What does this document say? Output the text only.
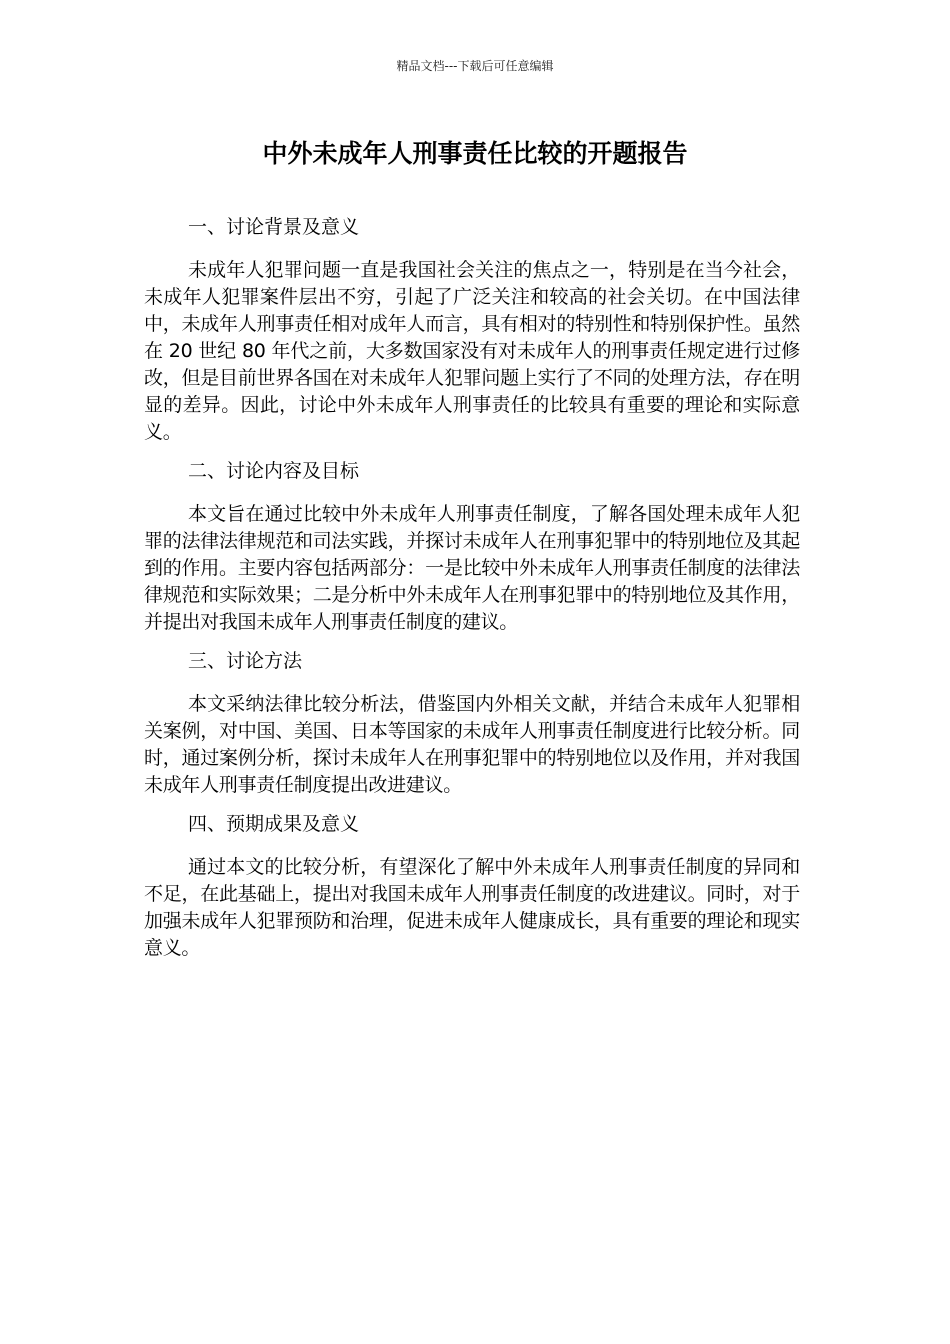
精品文档---下载后可任意编辑
中外未成年人刑事责任比较的开题报告
一、讨论背景及意义

未成年人犯罪问题一直是我国社会关注的焦点之一，特别是在当今社会，未成年人犯罪案件层出不穷，引起了广泛关注和较高的社会关切。在中国法律中，未成年人刑事责任相对成年人而言，具有相对的特别性和特别保护性。虽然在 20 世纪 80 年代之前，大多数国家没有对未成年人的刑事责任规定进行过修改，但是目前世界各国在对未成年人犯罪问题上实行了不同的处理方法，存在明显的差异。因此，讨论中外未成年人刑事责任的比较具有重要的理论和实际意义。

二、讨论内容及目标

本文旨在通过比较中外未成年人刑事责任制度，了解各国处理未成年人犯罪的法律法律规范和司法实践，并探讨未成年人在刑事犯罪中的特别地位及其起到的作用。主要内容包括两部分：一是比较中外未成年人刑事责任制度的法律法律规范和实际效果；二是分析中外未成年人在刑事犯罪中的特别地位及其作用，并提出对我国未成年人刑事责任制度的建议。

三、讨论方法

本文采纳法律比较分析法，借鉴国内外相关文献，并结合未成年人犯罪相关案例，对中国、美国、日本等国家的未成年人刑事责任制度进行比较分析。同时，通过案例分析，探讨未成年人在刑事犯罪中的特别地位以及作用，并对我国未成年人刑事责任制度提出改进建议。

四、预期成果及意义

通过本文的比较分析，有望深化了解中外未成年人刑事责任制度的异同和不足，在此基础上，提出对我国未成年人刑事责任制度的改进建议。同时，对于加强未成年人犯罪预防和治理，促进未成年人健康成长，具有重要的理论和现实意义。
